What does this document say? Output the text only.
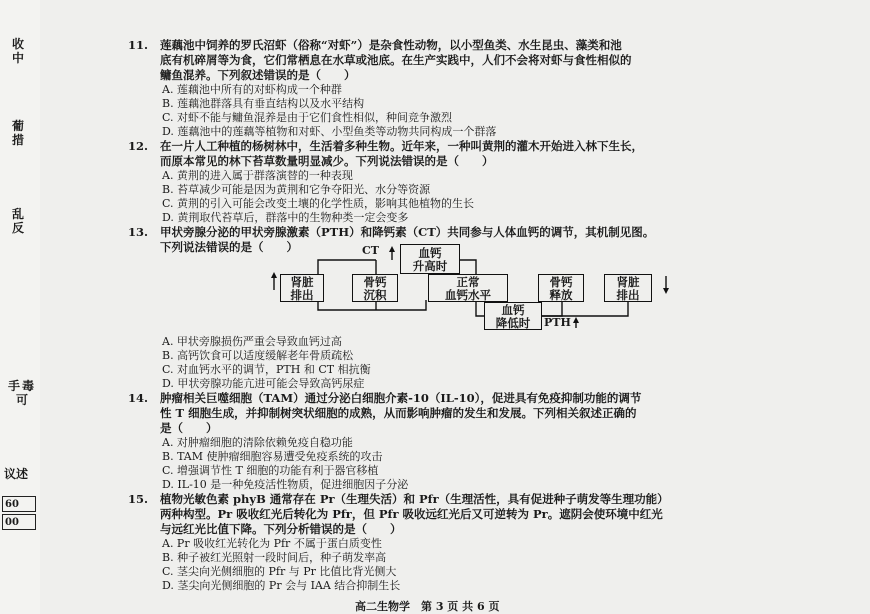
收
中
葡
措
乱
反
手 毒
可
议述
60
00
11. 莲藕池中饲养的罗氏沼虾（俗称“对虾”）是杂食性动物，以小型鱼类、水生昆虫、藻类和池
底有机碎屑等为食，它们常栖息在水草或池底。在生产实践中，人们不会将对虾与食性相似的
鳙鱼混养。下列叙述错误的是（　　）
A. 莲藕池中所有的对虾构成一个种群
B. 莲藕池群落具有垂直结构以及水平结构
C. 对虾不能与鳙鱼混养是由于它们食性相似，种间竞争激烈
D. 莲藕池中的莲藕等植物和对虾、小型鱼类等动物共同构成一个群落
12. 在一片人工种植的杨树林中，生活着多种生物。近年来，一种叫黄荆的灌木开始进入林下生长，
而原本常见的林下苔草数量明显减少。下列说法错误的是（　　）
A. 黄荆的进入属于群落演替的一种表现
B. 苔草减少可能是因为黄荆和它争夺阳光、水分等资源
C. 黄荆的引入可能会改变土壤的化学性质，影响其他植物的生长
D. 黄荆取代苔草后，群落中的生物种类一定会变多
13. 甲状旁腺分泌的甲状旁腺激素（PTH）和降钙素（CT）共同参与人体血钙的调节，其机制见图。
下列说法错误的是（　　）	CT	血钙
升高时
肾脏
排出
骨钙
沉积
正常
血钙水平
骨钙
释放
肾脏
排出
血钙
降低时	PTH
A. 甲状旁腺损伤严重会导致血钙过高
B. 高钙饮食可以适度缓解老年骨质疏松
C. 对血钙水平的调节，PTH 和 CT 相抗衡
D. 甲状旁腺功能亢进可能会导致高钙尿症
14. 肿瘤相关巨噬细胞（TAM）通过分泌白细胞介素-10（IL-10），促进具有免疫抑制功能的调节
性 T 细胞生成，并抑制树突状细胞的成熟，从而影响肿瘤的发生和发展。下列相关叙述正确的
是（　　）
A. 对肿瘤细胞的清除依赖免疫自稳功能
B. TAM 使肿瘤细胞容易遭受免疫系统的攻击
C. 增强调节性 T 细胞的功能有利于器官移植
D. IL-10 是一种免疫活性物质，促进细胞因子分泌
15. 植物光敏色素 phyB 通常存在 Pr（生理失活）和 Pfr（生理活性，具有促进种子萌发等生理功能）
两种构型。Pr 吸收红光后转化为 Pfr，但 Pfr 吸收远红光后又可逆转为 Pr。遮阴会使环境中红光
与远红光比值下降。下列分析错误的是（　　）
A. Pr 吸收红光转化为 Pfr 不属于蛋白质变性
B. 种子被红光照射一段时间后，种子萌发率高
C. 茎尖向光侧细胞的 Pfr 与 Pr 比值比背光侧大
D. 茎尖向光侧细胞的 Pr 会与 IAA 结合抑制生长
高二生物学　第 3 页 共 6 页
